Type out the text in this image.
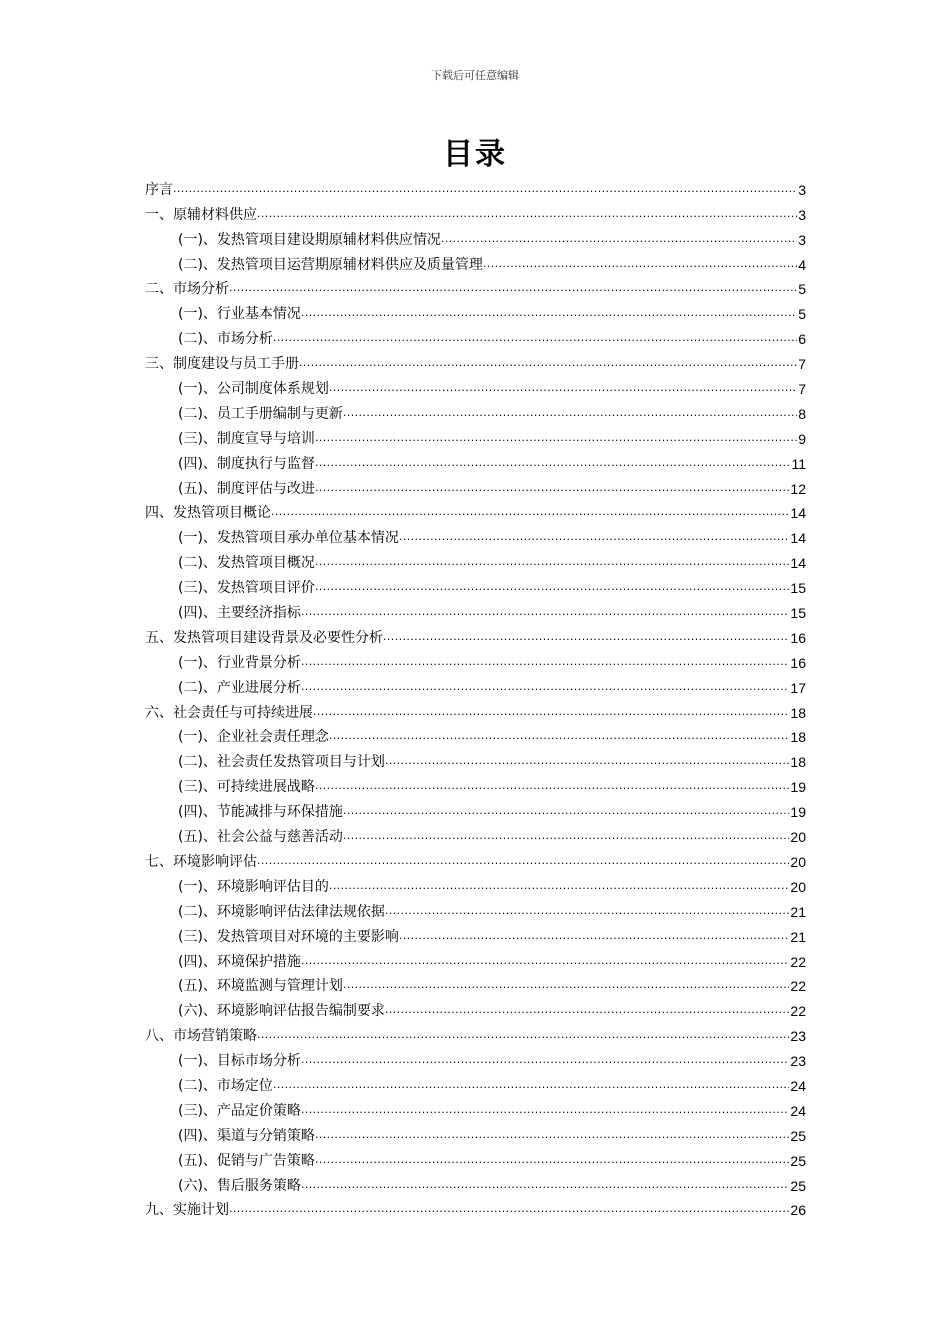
下载后可任意编辑
目录
序言 .....	3
一、原辅材料供应 .....	3
(一)、发热管项目建设期原辅材料供应情况 .....	3
(二)、发热管项目运营期原辅材料供应及质量管理 .....	4
二、市场分析 .....	5
(一)、行业基本情况 .....	5
(二)、市场分析 .....	6
三、制度建设与员工手册 .....	7
(一)、公司制度体系规划 .....	7
(二)、员工手册编制与更新 .....	8
(三)、制度宣导与培训 .....	9
(四)、制度执行与监督 .....	11
(五)、制度评估与改进 .....	12
四、发热管项目概论 .....	14
(一)、发热管项目承办单位基本情况 .....	14
(二)、发热管项目概况 .....	14
(三)、发热管项目评价 .....	15
(四)、主要经济指标 .....	15
五、发热管项目建设背景及必要性分析 .....	16
(一)、行业背景分析 .....	16
(二)、产业进展分析 .....	17
六、社会责任与可持续进展 .....	18
(一)、企业社会责任理念 .....	18
(二)、社会责任发热管项目与计划 .....	18
(三)、可持续进展战略 .....	19
(四)、节能减排与环保措施 .....	19
(五)、社会公益与慈善活动 .....	20
七、环境影响评估 .....	20
(一)、环境影响评估目的 .....	20
(二)、环境影响评估法律法规依据 .....	21
(三)、发热管项目对环境的主要影响 .....	21
(四)、环境保护措施 .....	22
(五)、环境监测与管理计划 .....	22
(六)、环境影响评估报告编制要求 .....	22
八、市场营销策略 .....	23
(一)、目标市场分析 .....	23
(二)、市场定位 .....	24
(三)、产品定价策略 .....	24
(四)、渠道与分销策略 .....	25
(五)、促销与广告策略 .....	25
(六)、售后服务策略 .....	25
九、实施计划 .....	26
